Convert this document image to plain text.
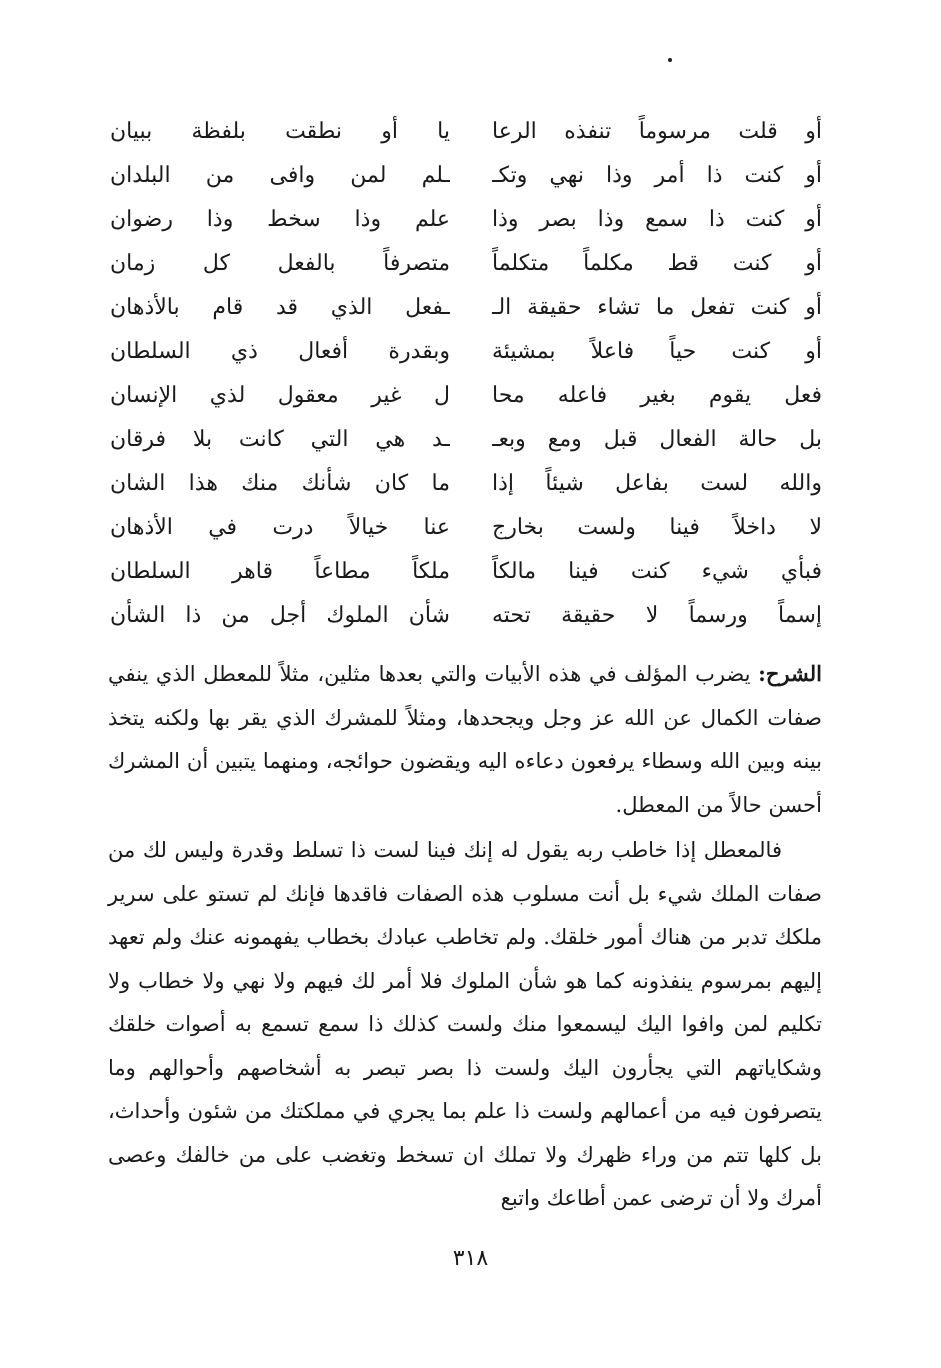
أو قلت مرسوماً تنفذه الرعا
أو كنت ذا أمر وذا نهي وتكـ
أو كنت ذا سمع وذا بصر وذا
أو كنت قط مكلماً متكلماً
أو كنت تفعل ما تشاء حقيقة الـ
أو كنت حياً فاعلاً بمشيئة
فعل يقوم بغير فاعله محا
بل حالة الفعال قبل ومع وبعـ
والله لست بفاعل شيئاً إذا
لا داخلاً فينا ولست بخارج
فبأي شيء كنت فينا مالكاً
إسماً ورسماً لا حقيقة تحته
يا أو نطقت بلفظة ببيان
ـلم لمن وافى من البلدان
علم وذا سخط وذا رضوان
متصرفاً بالفعل كل زمان
ـفعل الذي قد قام بالأذهان
وبقدرة أفعال ذي السلطان
ل غير معقول لذي الإنسان
ـد هي التي كانت بلا فرقان
ما كان شأنك منك هذا الشان
عنا خيالاً درت في الأذهان
ملكاً مطاعاً قاهر السلطان
شأن الملوك أجل من ذا الشأن

الشرح: يضرب المؤلف في هذه الأبيات والتي بعدها مثلين، مثلاً للمعطل الذي ينفي صفات الكمال عن الله عز وجل ويجحدها، ومثلاً للمشرك الذي يقر بها ولكنه يتخذ بينه وبين الله وسطاء يرفعون دعاءه اليه ويقضون حوائجه، ومنهما يتبين أن المشرك أحسن حالاً من المعطل.

فالمعطل إذا خاطب ربه يقول له إنك فينا لست ذا تسلط وقدرة وليس لك من صفات الملك شيء بل أنت مسلوب هذه الصفات فاقدها فإنك لم تستو على سرير ملكك تدبر من هناك أمور خلقك. ولم تخاطب عبادك بخطاب يفهمونه عنك ولم تعهد إليهم بمرسوم ينفذونه كما هو شأن الملوك فلا أمر لك فيهم ولا نهي ولا خطاب ولا تكليم لمن وافوا اليك ليسمعوا منك ولست كذلك ذا سمع تسمع به أصوات خلقك وشكاياتهم التي يجأرون اليك ولست ذا بصر تبصر به أشخاصهم وأحوالهم وما يتصرفون فيه من أعمالهم ولست ذا علم بما يجري في مملكتك من شئون وأحداث، بل كلها تتم من وراء ظهرك ولا تملك ان تسخط وتغضب على من خالفك وعصى أمرك ولا أن ترضى عمن أطاعك واتبع

٣١٨
